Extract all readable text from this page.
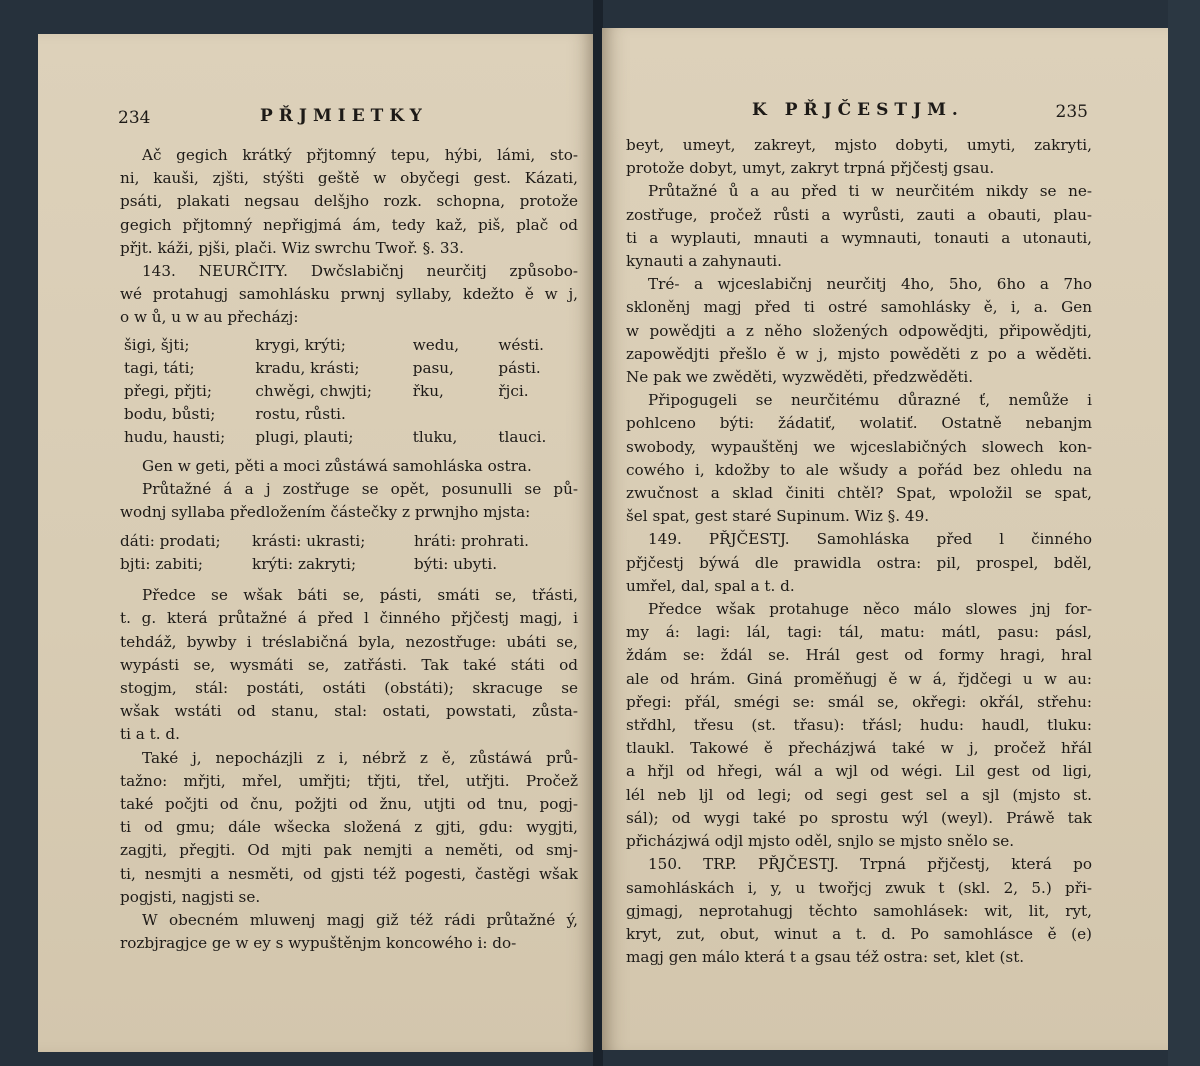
234	PŘJMIETKY
Ač gegich krátký přjtomný tepu, hýbi, lámi, sto-
ni, kauši, zjšti, stýšti geště w obyčegi gest. Kázati,
psáti, plakati negsau delšjho rozk. schopna, protože
gegich přjtomný nepřigjmá ám, tedy kaž, piš, plač od
přjt. káži, pjši, plači. Wiz swrchu Twoř. §. 33.
143. NEURČITY. Dwčslabičnj neurčitj způsobo-
wé protahugj samohlásku prwnj syllaby, kdežto ě w j,
o w ů, u w au přecházj:
šigi, šjti;	krygi, krýti;	wedu,	wésti.
tagi, táti;	kradu, krásti;	pasu,	pásti.
přegi, přjti;	chwěgi, chwjti;	řku,	řjci.
bodu, bůsti;	rostu, růsti.
hudu, hausti;	plugi, plauti;	tluku,	tlauci.
Gen w geti, pěti a moci zůstáwá samohláska ostra.
Průtažné á a j zostřuge se opět, posunulli se pů-
wodnj syllaba předložením částečky z prwnjho mjsta:
dáti: prodati;	krásti: ukrasti;	hráti: prohrati.
bjti: zabiti;	krýti: zakryti;	býti: ubyti.
Předce se wšak báti se, pásti, smáti se, třásti,
t. g. která průtažné á před l činného přjčestj magj, i
tehdáž, bywby i tréslabičná byla, nezostřuge: ubáti se,
wypásti se, wysmáti se, zatřásti. Tak také státi od
stogjm, stál: postáti, ostáti (obstáti); skracuge se
wšak wstáti od stanu, stal: ostati, powstati, zůsta-
ti a t. d.
Také j, nepocházjli z i, nébrž z ě, zůstáwá prů-
tažno: mřjti, mřel, umřjti; třjti, třel, utřjti. Pročež
také počjti od čnu, požjti od žnu, utjti od tnu, pogj-
ti od gmu; dále wšecka složená z gjti, gdu: wygjti,
zagjti, přegjti. Od mjti pak nemjti a neměti, od smj-
ti, nesmjti a nesměti, od gjsti též pogesti, častěgi wšak
pogjsti, nagjsti se.
W obecném mluwenj magj giž též rádi průtažné ý,
rozbjragjce ge w ey s wypuštěnjm koncowého i: do-
K PŘJČESTJM.	235
beyt, umeyt, zakreyt, mjsto dobyti, umyti, zakryti,
protože dobyt, umyt, zakryt trpná přjčestj gsau.
Průtažné ů a au před ti w neurčitém nikdy se ne-
zostřuge, pročež růsti a wyrůsti, zauti a obauti, plau-
ti a wyplauti, mnauti a wymnauti, tonauti a utonauti,
kynauti a zahynauti.
Tré- a wjceslabičnj neurčitj 4ho, 5ho, 6ho a 7ho
skloněnj magj před ti ostré samohlásky ě, i, a. Gen
w powědjti a z něho složených odpowědjti, připowědjti,
zapowědjti přešlo ě w j, mjsto powěděti z po a wěděti.
Ne pak we zwěděti, wyzwěděti, předzwěděti.
Připogugeli se neurčitému důrazné ť, nemůže i
pohlceno býti: žádatiť, wolatiť. Ostatně nebanjm
swobody, wypauštěnj we wjceslabičných slowech kon-
cowého i, kdožby to ale wšudy a pořád bez ohledu na
zwučnost a sklad činiti chtěl? Spat, wpoložil se spat,
šel spat, gest staré Supinum. Wiz §. 49.
149. PŘJČESTJ. Samohláska před l činného
přjčestj býwá dle prawidla ostra: pil, prospel, bděl,
umřel, dal, spal a t. d.
Předce wšak protahuge něco málo slowes jnj for-
my á: lagi: lál, tagi: tál, matu: mátl, pasu: pásl,
ždám se: ždál se. Hrál gest od formy hragi, hral
ale od hrám. Giná proměňugj ě w á, řjdčegi u w au:
přegi: přál, smégi se: smál se, okřegi: okřál, střehu:
střdhl, třesu (st. třasu): třásl; hudu: haudl, tluku:
tlaukl. Takowé ě přecházjwá také w j, pročež hřál
a hřjl od hřegi, wál a wjl od wégi. Lil gest od ligi,
lél neb ljl od legi; od segi gest sel a sjl (mjsto st.
sál); od wygi také po sprostu wýl (weyl). Práwě tak
přicházjwá odjl mjsto oděl, snjlo se mjsto snělo se.
150. TRP. PŘJČESTJ. Trpná přjčestj, která po
samohláskách i, y, u twořjcj zwuk t (skl. 2, 5.) při-
gjmagj, neprotahugj těchto samohlásek: wit, lit, ryt,
kryt, zut, obut, winut a t. d. Po samohlásce ě (e)
magj gen málo která t a gsau též ostra: set, klet (st.
